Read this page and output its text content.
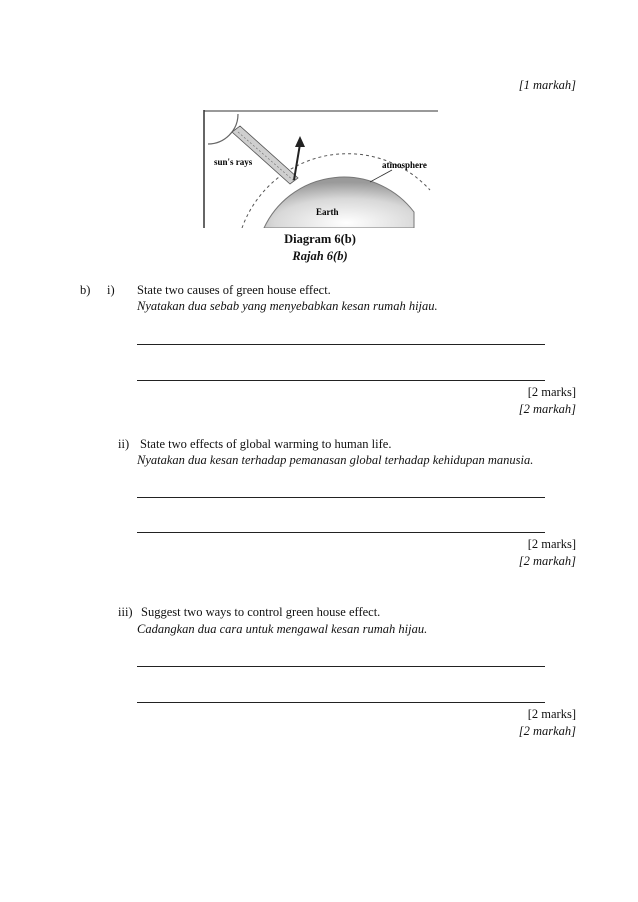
[1 markah]
sun's rays	atmosphere
Earth
Diagram 6(b)
Rajah 6(b)
b) i) State two causes of green house effect.
Nyatakan dua sebab yang menyebabkan kesan rumah hijau.
[2 marks]
[2 markah]
ii) State two effects of global warming to human life.
Nyatakan dua kesan terhadap pemanasan global terhadap kehidupan manusia.
[2 marks]
[2 markah]
iii) Suggest two ways to control green house effect.
Cadangkan dua cara untuk mengawal kesan rumah hijau.
[2 marks]
[2 markah]
